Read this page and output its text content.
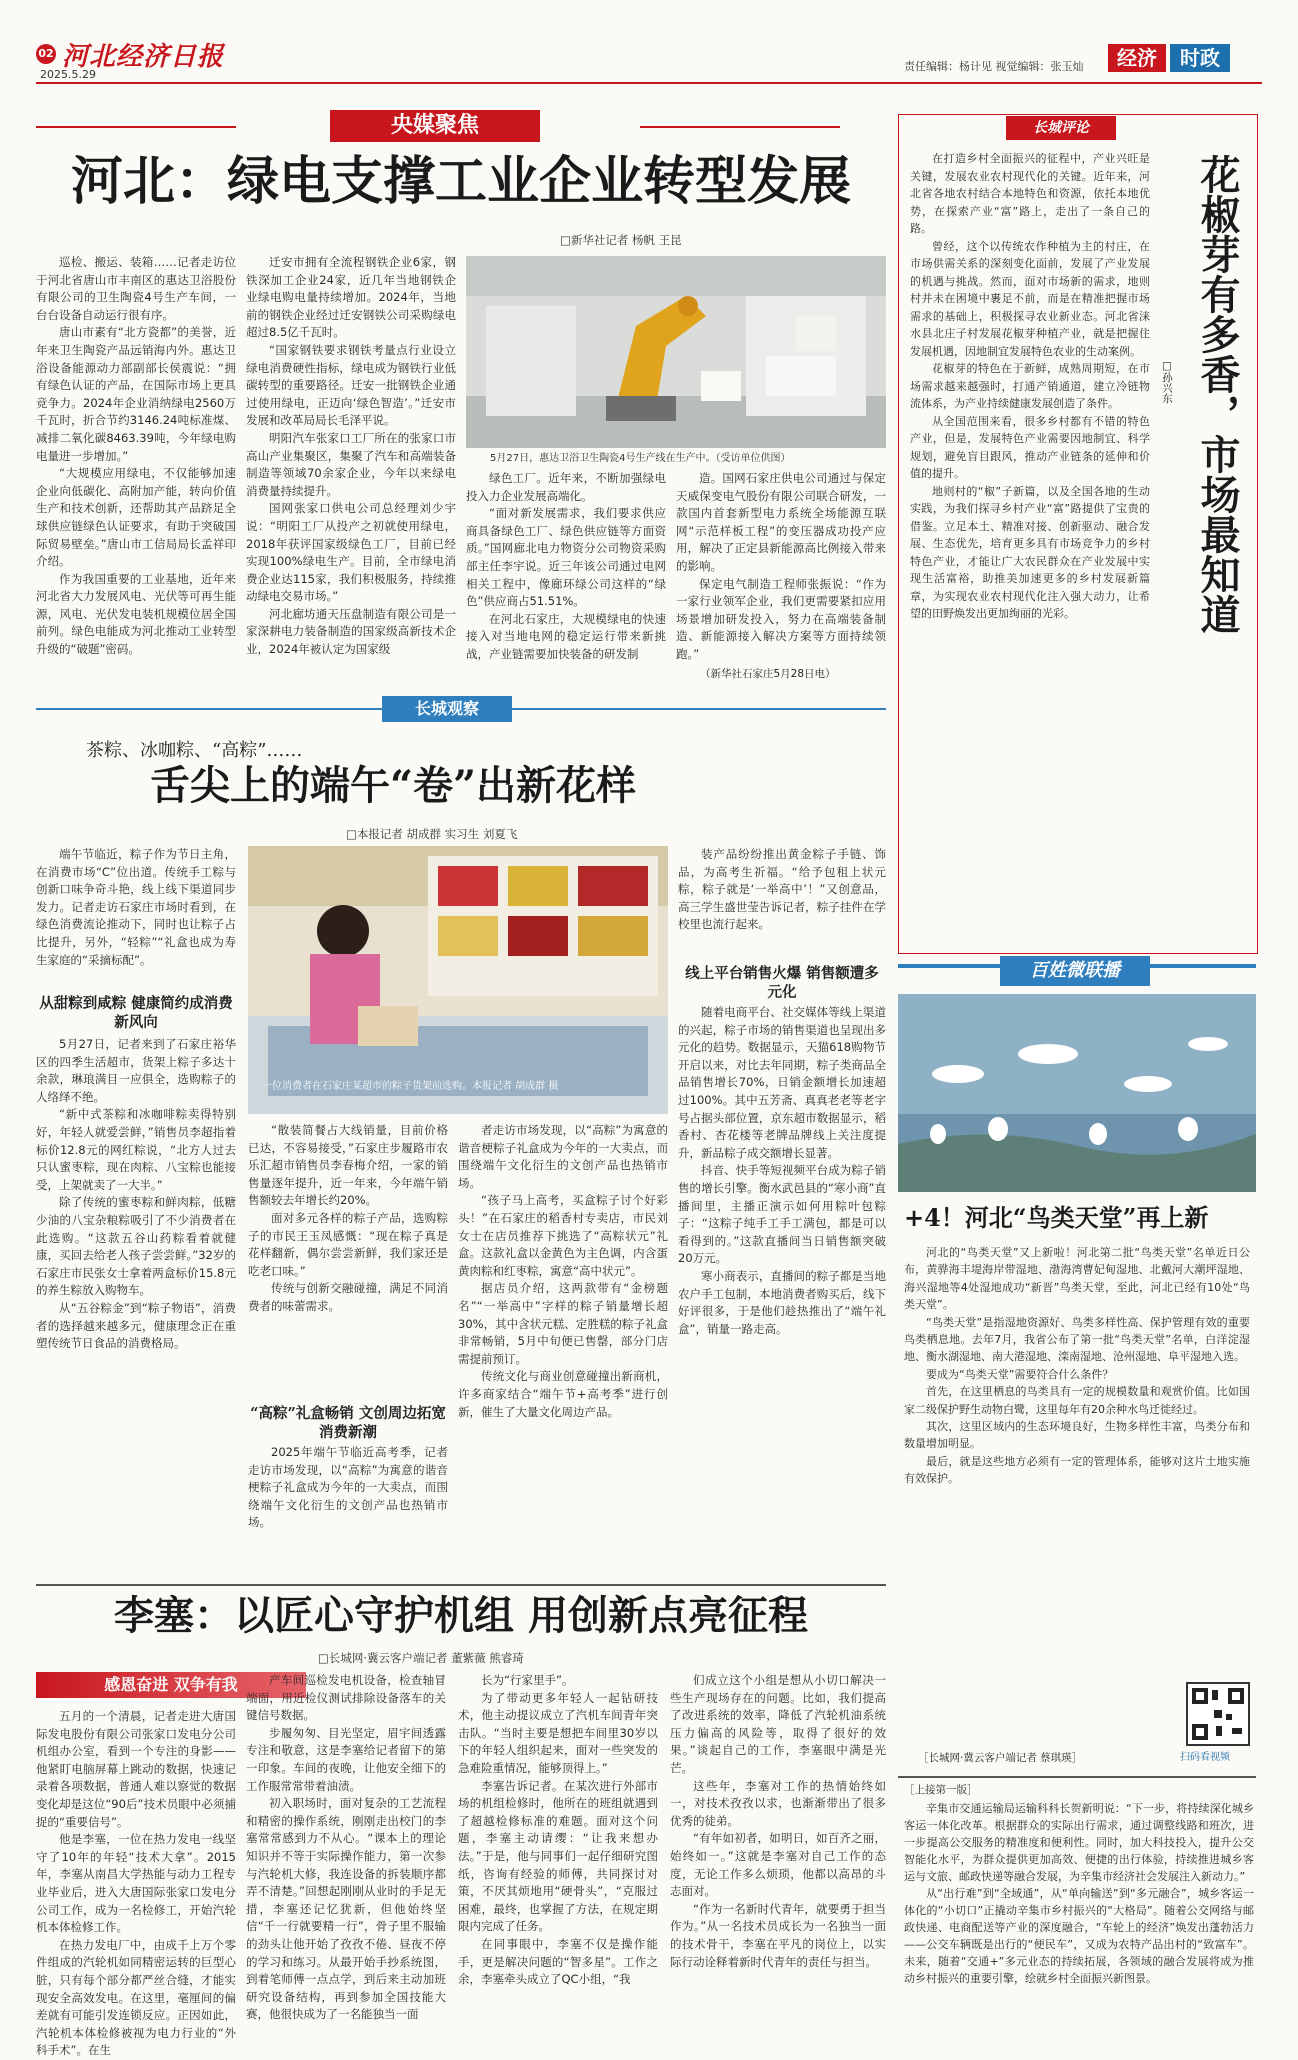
02 河北经济日报
2025.5.29
责任编辑：杨计见 视觉编辑：张玉灿	经济	时政
央媒聚焦
河北：绿电支撑工业企业转型发展
□新华社记者 杨帆 王昆

巡检、搬运、装箱……记者走访位于河北省唐山市丰南区的惠达卫浴股份有限公司的卫生陶瓷4号生产车间，一台台设备自动运行很有序。

唐山市素有“北方瓷都”的美誉，近年来卫生陶瓷产品远销海内外。惠达卫浴设备能源动力部副部长侯震说：“拥有绿色认证的产品，在国际市场上更具竞争力。2024年企业消纳绿电2560万千瓦时，折合节约3146.24吨标准煤、减排二氧化碳8463.39吨，今年绿电购电量进一步增加。”

“大规模应用绿电，不仅能够加速企业向低碳化、高附加产能，转向价值生产和技术创新，还帮助其产品跻足全球供应链绿色认证要求，有助于突破国际贸易壁垒。”唐山市工信局局长孟祥印介绍。

作为我国重要的工业基地，近年来河北省大力发展风电、光伏等可再生能源，风电、光伏发电装机规模位居全国前列。绿色电能成为河北推动工业转型升级的“破题”密码。

迁安市拥有全流程钢铁企业6家，钢铁深加工企业24家，近几年当地钢铁企业绿电购电量持续增加。2024年，当地前的钢铁企业经过迁安钢铁公司采购绿电超过8.5亿千瓦时。

“国家钢铁要求钢铁考量点行业设立绿电消费硬性指标，绿电成为钢铁行业低碳转型的重要路径。迁安一批钢铁企业通过使用绿电，正迈向‘绿色智造’。”迁安市发展和改革局局长毛泽平说。

明阳汽车张家口工厂所在的张家口市高山产业集聚区，集聚了汽车和高端装备制造等领域70余家企业，今年以来绿电消费量持续提升。

国网张家口供电公司总经理刘少宇说：“明阳工厂从投产之初就使用绿电，2018年获评国家级绿色工厂，目前已经实现100%绿电生产。目前，全市绿电消费企业达115家，我们积极服务，持续推动绿电交易市场。”

河北廊坊通天压盘制造有限公司是一家深耕电力装备制造的国家级高新技术企业，2024年被认定为国家级

5月27日，惠达卫浴卫生陶瓷4号生产线在生产中。（受访单位供图）

绿色工厂。近年来，不断加强绿电投入力企业发展高端化。

“面对新发展需求，我们要求供应商具备绿色工厂、绿色供应链等方面资质。”国网廊北电力物资分公司物资采购部主任李宇说。近三年该公司通过电网相关工程中，像廊环绿公司这样的“绿色”供应商占51.51%。

在河北石家庄，大规模绿电的快速接入对当地电网的稳定运行带来新挑战，产业链需要加快装备的研发制

造。国网石家庄供电公司通过与保定天威保变电气股份有限公司联合研发，一款国内首套新型电力系统全场能源互联网“示范样板工程”的变压器成功投产应用，解决了正定县新能源高比例接入带来的影响。

保定电气制造工程师张振说：“作为一家行业领军企业，我们更需要紧扣应用场景增加研发投入，努力在高端装备制造、新能源接入解决方案等方面持续领跑。”

（新华社石家庄5月28日电）
长城评论
花椒芽有多香，市场最知道
□孙兴东

在打造乡村全面振兴的征程中，产业兴旺是关键，发展农业农村现代化的关键。近年来，河北省各地农村结合本地特色和资源，依托本地优势，在探索产业“富”路上，走出了一条自己的路。

曾经，这个以传统农作种植为主的村庄，在市场供需关系的深刻变化面前，发展了产业发展的机遇与挑战。然而，面对市场新的需求，地则村并未在困境中裹足不前，而是在精准把握市场需求的基础上，积极探寻农业新业态。河北省涞水县北庄子村发展花椒芽种植产业，就是把握住发展机遇，因地制宜发展特色农业的生动案例。

花椒芽的特色在于新鲜，成熟周期短，在市场需求越来越强时，打通产销通道，建立冷链物流体系，为产业持续健康发展创造了条件。

从全国范围来看，很多乡村都有不错的特色产业，但是，发展特色产业需要因地制宜、科学规划，避免盲目跟风，推动产业链条的延伸和价值的提升。

地则村的“椒”子新篇，以及全国各地的生动实践，为我们探寻乡村产业“富”路提供了宝贵的借鉴。立足本土、精准对接、创新驱动、融合发展、生态优先，培育更多具有市场竞争力的乡村特色产业，才能让广大农民群众在产业发展中实现生活富裕，助推美加速更多的乡村发展新篇章，为实现农业农村现代化注入强大动力，让希望的田野焕发出更加绚丽的光彩。

长城观察
茶粽、冰咖粽、“高粽”……
舌尖上的端午“卷”出新花样
□本报记者 胡成群 实习生 刘夏飞

端午节临近，粽子作为节日主角，在消费市场“C”位出道。传统手工粽与创新口味争奇斗艳，线上线下渠道同步发力。记者走访石家庄市场时看到，在绿色消费流论推动下，同时也让粽子占比提升，另外，“轻粽”“礼盒也成为寿生家庭的“采摘标配”。

从甜粽到咸粽 健康简约成消费新风向

5月27日，记者来到了石家庄裕华区的四季生活超市，货架上粽子多达十余款，琳琅满目一应俱全，选购粽子的人络绎不绝。

“新中式茶粽和冰咖啡粽卖得特别好，年轻人就爱尝鲜，”销售员李超指着标价12.8元的网红粽说，“北方人过去只认蜜枣粽，现在肉粽、八宝粽也能接受，上架就卖了一大半。”

除了传统的蜜枣粽和鲜肉粽，低糖少油的八宝杂粮粽吸引了不少消费者在此选购。“这款五谷山药粽看着就健康，买回去给老人孩子尝尝鲜。”32岁的石家庄市民张女士拿着两盒标价15.8元的养生粽放入购物车。

从“五谷粽金”到“粽子物语”，消费者的选择越来越多元，健康理念正在重塑传统节日食品的消费格局。

一位消费者在石家庄某超市的粽子货架前选购。本报记者 胡成群 摄

“散装简餐占大线销量，目前价格已达，不容易接受，”石家庄步履路市农乐汇超市销售员李春梅介绍，一家的销售量逐年提升，近一年来，今年端午销售额较去年增长约20%。

面对多元各样的粽子产品，选购粽子的市民王玉凤感慨：“现在粽子真是花样翻新，偶尔尝尝新鲜，我们家还是吃老口味。”

传统与创新交融碰撞，满足不同消费者的味蕾需求。

“高粽”礼盒畅销 文创周边拓宽消费新潮

2025年端午节临近高考季，记者走访市场发现，以“高粽”为寓意的谐音梗粽子礼盒成为今年的一大卖点，而围绕端午文化衍生的文创产品也热销市场。

者走访市场发现，以“高粽”为寓意的谐音梗粽子礼盒成为今年的一大卖点，而围绕端午文化衍生的文创产品也热销市场。

“孩子马上高考，买盒粽子讨个好彩头！”在石家庄的稻香村专卖店，市民刘女士在店员推荐下挑选了“高粽状元”礼盒。这款礼盒以金黄色为主色调，内含蛋黄肉粽和红枣粽，寓意“高中状元”。

据店员介绍，这两款带有“金榜题名”“一举高中”字样的粽子销量增长超30%，其中含状元糕、定胜糕的粽子礼盒非常畅销，5月中旬便已售罄，部分门店需提前预订。

传统文化与商业创意碰撞出新商机，许多商家结合“端午节+高考季”进行创新，催生了大量文化周边产品。

装产品纷纷推出黄金粽子手链、饰品，为高考生祈福。“给予包租上状元粽，粽子就是‘一举高中’！”又创意品，高三学生盛世莹告诉记者，粽子挂件在学校里也流行起来。

线上平台销售火爆 销售额遭多元化

随着电商平台、社交媒体等线上渠道的兴起，粽子市场的销售渠道也呈现出多元化的趋势。数据显示，天猫618购物节开启以来，对比去年同期，粽子类商品全品销售增长70%，日销金额增长加速超过100%。其中五芳斋、真真老老等老字号占据头部位置，京东超市数据显示，稻香村、杏花楼等老牌品牌线上关注度提升，新品粽子成交额增长显著。

抖音、快手等短视频平台成为粽子销售的增长引擎。衡水武邑县的“寒小商”直播间里，主播正演示如何用粽叶包粽子：“这粽子纯手工手工满包，都是可以看得到的。”这款直播间当日销售额突破20万元。

寒小商表示，直播间的粽子都是当地农户手工包制，本地消费者购买后，线下好评很多，于是他们趁热推出了“端午礼盒”，销量一路走高。

百姓微联播
+4！河北“鸟类天堂”再上新

河北的“鸟类天堂”又上新啦！河北第二批“鸟类天堂”名单近日公布，黄骅海丰堤海岸带湿地、渤海湾曹妃甸湿地、北戴河大潮坪湿地、海兴湿地等4处湿地成功“新晋”鸟类天堂，至此，河北已经有10处“鸟类天堂”。

“鸟类天堂”是指湿地资源好、鸟类多样性高、保护管理有效的重要鸟类栖息地。去年7月，我省公布了第一批“鸟类天堂”名单，白洋淀湿地、衡水湖湿地、南大港湿地、滦南湿地、沧州湿地、阜平湿地入选。

要成为“鸟类天堂”需要符合什么条件？

首先，在这里栖息的鸟类具有一定的规模数量和观赏价值。比如国家二级保护野生动物白鹭，这里每年有20余种水鸟迁徙经过。

其次，这里区域内的生态环境良好，生物多样性丰富，鸟类分布和数量增加明显。

最后，就是这些地方必须有一定的管理体系，能够对这片土地实施有效保护。

［长城网·冀云客户端记者 蔡琪瑛］	扫码看视频
李塞：以匠心守护机组 用创新点亮征程
□长城网·冀云客户端记者 董紫薇 熊睿琦
感恩奋进 双争有我

五月的一个清晨，记者走进大唐国际发电股份有限公司张家口发电分公司机组办公室，看到一个专注的身影——他紧盯电脑屏幕上跳动的数据，快速记录着各项数据，普通人难以察觉的数据变化却是这位“90后”技术员眼中必须捕捉的“重要信号”。

他是李塞，一位在热力发电一线坚守了10年的年轻“技术大拿”。2015年，李塞从南昌大学热能与动力工程专业毕业后，进入大唐国际张家口发电分公司工作，成为一名检修工，开始汽轮机本体检修工作。

在热力发电厂中，由成千上万个零件组成的汽轮机如同精密运转的巨型心脏，只有每个部分都严丝合缝，才能实现安全高效发电。在这里，毫厘间的偏差就有可能引发连锁反应。正因如此，汽轮机本体检修被视为电力行业的“外科手术”。在生

产车间巡检发电机设备，检查轴冒端面，用近检仪测试排除设备落车的关键信号数据。

步履匆匆、目光坚定，眉宇间透露专注和敬意，这是李塞给记者留下的第一印象。车间的夜晚，让他安全细下的工作服常常带着油渍。

初入职场时，面对复杂的工艺流程和精密的操作系统，刚刚走出校门的李塞常常感到力不从心。“课本上的理论知识并不等于实际操作能力，第一次参与汽轮机大修，我连设备的拆装顺序都弄不清楚。”回想起刚刚从业时的手足无措，李塞还记忆犹新，但他始终坚信“千一行就要精一行”，骨子里不服输的劲头让他开始了孜孜不倦、昼夜不停的学习和练习。从最开始手抄系统图，到着笔师傅一点点学，到后来主动加班研究设备结构，再到参加全国技能大赛，他很快成为了一名能独当一面

长为“行家里手”。

为了带动更多年轻人一起钻研技术，他主动提议成立了汽机车间青年突击队。“当时主要是想把车间里30岁以下的年轻人组织起来，面对一些突发的急难险重情况，能够顶得上。”

李塞告诉记者。在某次进行外部市场的机组检修时，他所在的班组就遇到了超越检修标准的难题。面对这个问题，李塞主动请缨：“让我来想办法。”于是，他与同事们一起仔细研究图纸，咨询有经验的师傅，共同探讨对策，不厌其烦地用“硬骨头”，“克服过困难，最终，也掌握了方法，在规定期限内完成了任务。

在同事眼中，李塞不仅是操作能手，更是解决问题的“智多星”。工作之余，李塞牵头成立了QC小组，“我

们成立这个小组是想从小切口解决一些生产现场存在的问题。比如，我们提高了改进系统的效率，降低了汽轮机油系统压力偏高的风险等，取得了很好的效果。”谈起自己的工作，李塞眼中满是光芒。

这些年，李塞对工作的热情始终如一，对技术孜孜以求，也渐渐带出了很多优秀的徒弟。

“有年如初者，如明日，如百齐之丽，始终如一。”这就是李塞对自己工作的态度，无论工作多么烦琐，他都以高昂的斗志面对。

“作为一名新时代青年，就要勇于担当作为。”从一名技术员成长为一名独当一面的技术骨干，李塞在平凡的岗位上，以实际行动诠释着新时代青年的责任与担当。

［上接第一版］

辛集市交通运输局运输科科长贺新明说：“下一步，将持续深化城乡客运一体化改革。根据群众的实际出行需求，通过调整线路和班次，进一步提高公交服务的精准度和便利性。同时，加大科技投入，提升公交智能化水平，为群众提供更加高效、便捷的出行体验，持续推进城乡客运与文旅、邮政快递等融合发展，为辛集市经济社会发展注入新动力。”

从“出行难”到“全域通”，从“单向输送”到“多元融合”，城乡客运一体化的“小切口”正撬动辛集市乡村振兴的“大格局”。随着公交网络与邮政快递、电商配送等产业的深度融合，“车轮上的经济”焕发出蓬勃活力——公交车辆既是出行的“便民车”，又成为农特产品出村的“致富车”。未来，随着“交通+”多元业态的持续拓展，各领域的融合发展将成为推动乡村振兴的重要引擎，绘就乡村全面振兴新图景。
